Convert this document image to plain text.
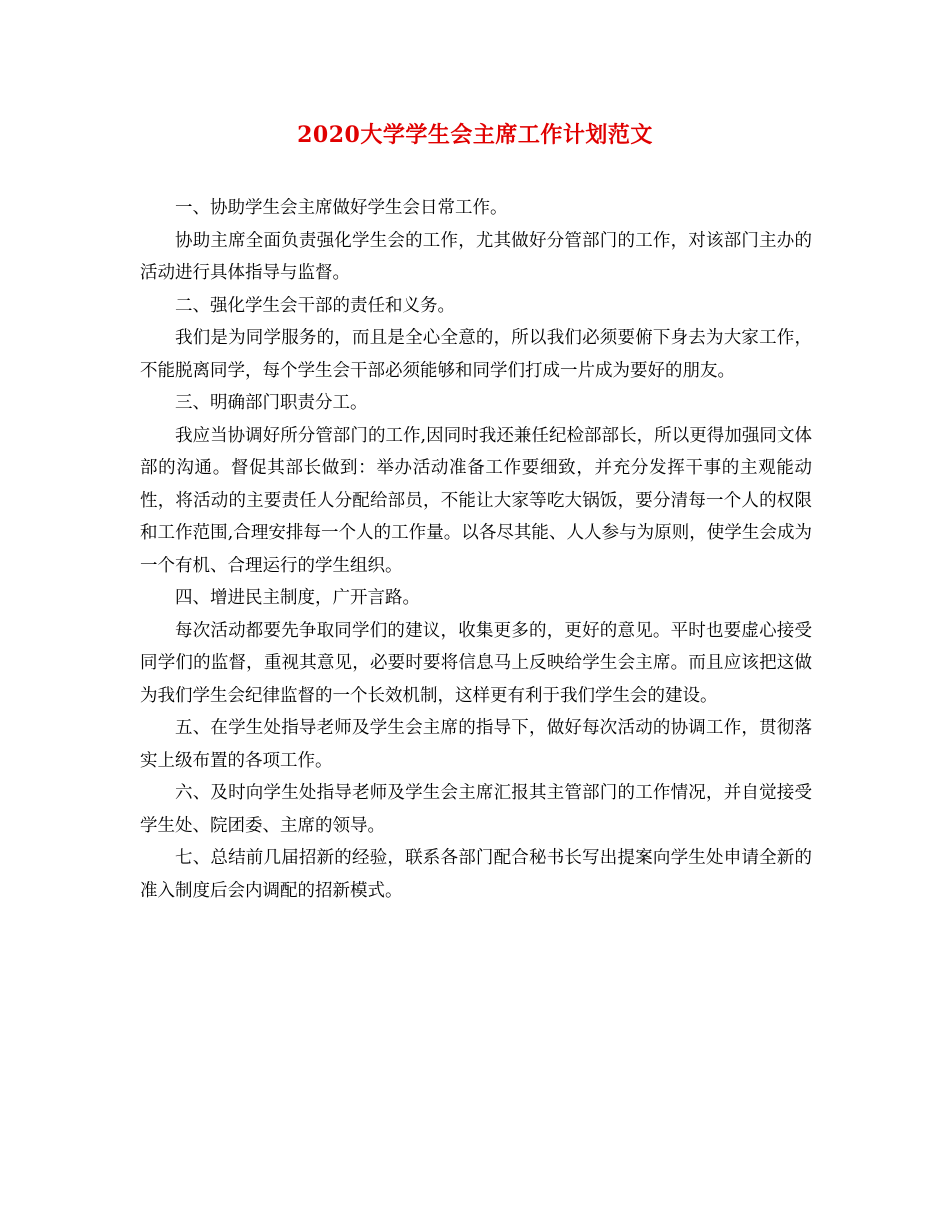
2020大学学生会主席工作计划范文

一、协助学生会主席做好学生会日常工作。

协助主席全面负责强化学生会的工作，尤其做好分管部门的工作，对该部门主办的活动进行具体指导与监督。

二、强化学生会干部的责任和义务。

我们是为同学服务的，而且是全心全意的，所以我们必须要俯下身去为大家工作，不能脱离同学，每个学生会干部必须能够和同学们打成一片成为要好的朋友。

三、明确部门职责分工。

我应当协调好所分管部门的工作,因同时我还兼任纪检部部长，所以更得加强同文体部的沟通。督促其部长做到：举办活动准备工作要细致，并充分发挥干事的主观能动性，将活动的主要责任人分配给部员，不能让大家等吃大锅饭，要分清每一个人的权限和工作范围,合理安排每一个人的工作量。以各尽其能、人人参与为原则，使学生会成为一个有机、合理运行的学生组织。

四、增进民主制度，广开言路。

每次活动都要先争取同学们的建议，收集更多的，更好的意见。平时也要虚心接受同学们的监督，重视其意见，必要时要将信息马上反映给学生会主席。而且应该把这做为我们学生会纪律监督的一个长效机制，这样更有利于我们学生会的建设。

五、在学生处指导老师及学生会主席的指导下，做好每次活动的协调工作，贯彻落实上级布置的各项工作。

六、及时向学生处指导老师及学生会主席汇报其主管部门的工作情况，并自觉接受学生处、院团委、主席的领导。

七、总结前几届招新的经验，联系各部门配合秘书长写出提案向学生处申请全新的准入制度后会内调配的招新模式。
